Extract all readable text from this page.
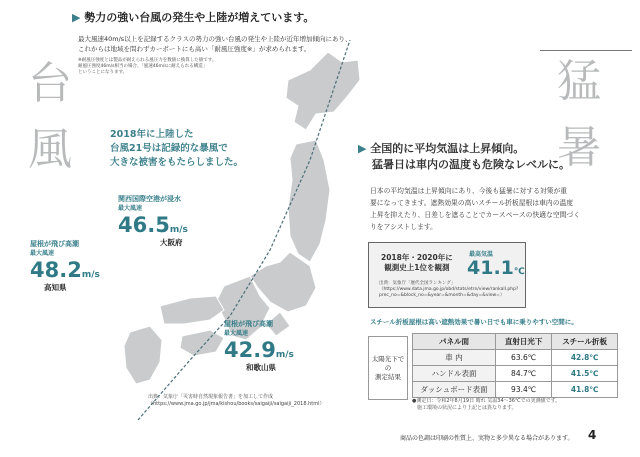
台
風
▶ 勢力の強い台風の発生や上陸が増えています。
最大風速40m/s以上を記録するクラスの勢力の強い台風の発生や上陸が近年増加傾向にあり、
これからは地域を問わずカーポートにも高い「耐風圧強度※」が求められます。
※耐風圧強度とは製品が耐えられる風圧力を数値に換算した値です。
耐風圧強度46m/s相当の場合、「風速46m/sに耐えられる構造」
ということになります。
2018年に上陸した
台風21号は記録的な暴風で
大きな被害をもたらしました。
関西国際空港が浸水
最大風速
46.5m/s
大阪府
屋根が飛び高潮
最大風速
48.2m/s
高知県
屋根が飛び高潮
最大風速
42.9m/s
和歌山県
出典：気象庁「災害時自然現象報告書」を加工して作成
（https://www.jma.go.jp/jma/kishou/books/saigaiji/saigaiji_2018.html）
猛
暑
▶ 全国的に平均気温は上昇傾向。
猛暑日は車内の温度も危険なレベルに。
日本の平均気温は上昇傾向にあり、今後も猛暑に対する対策が重
要になってきます。遮熱効果の高いスチール折板屋根は車内の温度
上昇を抑えたり、日差しを遮ることでカースペースの快適な空間づく
りをアシストします。
2018年・2020年に
観測史上1位を観測
最高気温
41.1℃
出典：気象庁「歴代全国ランキング」
（https://www.data.jma.go.jp/obd/stats/etrn/view/rankall.php?
prec_no=&block_no=&year=&month=&day=&view=）
スチール折板屋根は高い遮熱効果で暑い日でも車に乗りやすい空間に。
太陽光下での
測定結果
パネル面	直射日光下	スチール折板
車 内	63.6℃	42.8℃
ハンドル表面	84.7℃	41.5℃
ダッシュボード表面	93.4℃	41.8℃
●測定日：令和2年8月19日 晴れ 気温34〜36℃での実測値です。
　施工環境の状況により上記とは異なります。
商品の色調は印刷の性質上、実物と多少異なる場合があります。 4
